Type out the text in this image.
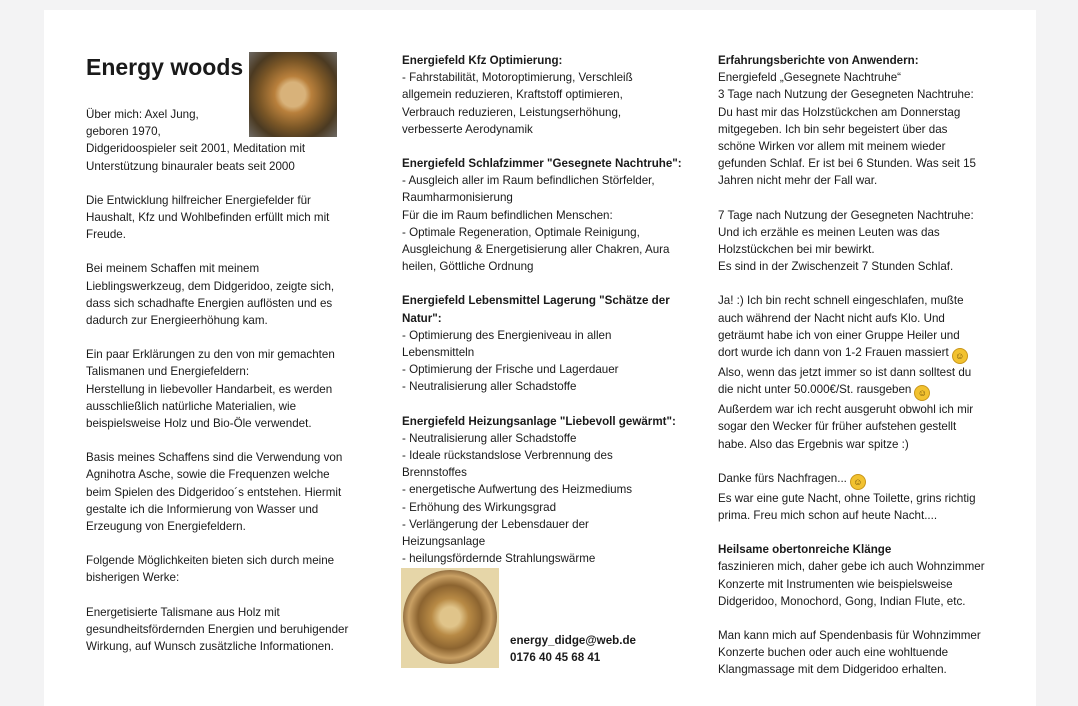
Energy woods
Über mich: Axel Jung,
geboren 1970,
Didgeridoospieler seit 2001, Meditation mit
Unterstützung binauraler beats seit 2000
Die Entwicklung hilfreicher Energiefelder für
Haushalt, Kfz und Wohlbefinden erfüllt mich mit
Freude.
Bei meinem Schaffen mit meinem
Lieblingswerkzeug, dem Didgeridoo, zeigte sich,
dass sich schadhafte Energien auflösten und es
dadurch zur Energieerhöhung kam.
Ein paar Erklärungen zu den von mir gemachten
Talismanen und Energiefeldern:
Herstellung in liebevoller Handarbeit, es werden
ausschließlich natürliche Materialien, wie
beispielsweise Holz und Bio-Öle verwendet.
Basis meines Schaffens sind die Verwendung von
Agnihotra Asche, sowie die Frequenzen welche
beim Spielen des Didgeridoo´s entstehen. Hiermit
gestalte ich die Informierung von Wasser und
Erzeugung von Energiefeldern.
Folgende Möglichkeiten bieten sich durch meine
bisherigen Werke:
Energetisierte Talismane aus Holz mit
gesundheitsfördernden Energien und beruhigender
Wirkung, auf Wunsch zusätzliche Informationen.
Energiefeld Kfz Optimierung:
- Fahrstabilität, Motoroptimierung, Verschleiß
allgemein reduzieren, Kraftstoff optimieren,
Verbrauch reduzieren, Leistungserhöhung,
verbesserte Aerodynamik
Energiefeld Schlafzimmer "Gesegnete Nachtruhe":
- Ausgleich aller im Raum befindlichen Störfelder,
Raumharmonisierung
Für die im Raum befindlichen Menschen:
- Optimale Regeneration, Optimale Reinigung,
Ausgleichung & Energetisierung aller Chakren, Aura
heilen, Göttliche Ordnung
Energiefeld Lebensmittel Lagerung "Schätze der
Natur":
- Optimierung des Energieniveau in allen
Lebensmitteln
- Optimierung der Frische und Lagerdauer
- Neutralisierung aller Schadstoffe
Energiefeld Heizungsanlage "Liebevoll gewärmt":
- Neutralisierung aller Schadstoffe
- Ideale rückstandslose Verbrennung des
Brennstoffes
- energetische Aufwertung des Heizmediums
- Erhöhung des Wirkungsgrad
- Verlängerung der Lebensdauer der
Heizungsanlage
- heilungsfördernde Strahlungswärme
energy_didge@web.de
0176 40 45 68 41
Erfahrungsberichte von Anwendern:
Energiefeld „Gesegnete Nachtruhe“
3 Tage nach Nutzung der Gesegneten Nachtruhe:
Du hast mir das Holzstückchen am Donnerstag
mitgegeben. Ich bin sehr begeistert über das
schöne Wirken vor allem mit meinem wieder
gefunden Schlaf. Er ist bei 6 Stunden. Was seit 15
Jahren nicht mehr der Fall war.
7 Tage nach Nutzung der Gesegneten Nachtruhe:
Und ich erzähle es meinen Leuten was das
Holzstückchen bei mir bewirkt.
Es sind in der Zwischenzeit 7 Stunden Schlaf.
Ja! :) Ich bin recht schnell eingeschlafen, mußte
auch während der Nacht nicht aufs Klo. Und
geträumt habe ich von einer Gruppe Heiler und
dort wurde ich dann von 1-2 Frauen massiert ☺
Also, wenn das jetzt immer so ist dann solltest du
die nicht unter 50.000€/St. rausgeben ☺
Außerdem war ich recht ausgeruht obwohl ich mir
sogar den Wecker für früher aufstehen gestellt
habe. Also das Ergebnis war spitze :)
Danke fürs Nachfragen... ☺
Es war eine gute Nacht, ohne Toilette, grins richtig
prima. Freu mich schon auf heute Nacht....
Heilsame obertonreiche Klänge
faszinieren mich, daher gebe ich auch Wohnzimmer
Konzerte mit Instrumenten wie beispielsweise
Didgeridoo, Monochord, Gong, Indian Flute, etc.
Man kann mich auf Spendenbasis für Wohnzimmer
Konzerte buchen oder auch eine wohltuende
Klangmassage mit dem Didgeridoo erhalten.
